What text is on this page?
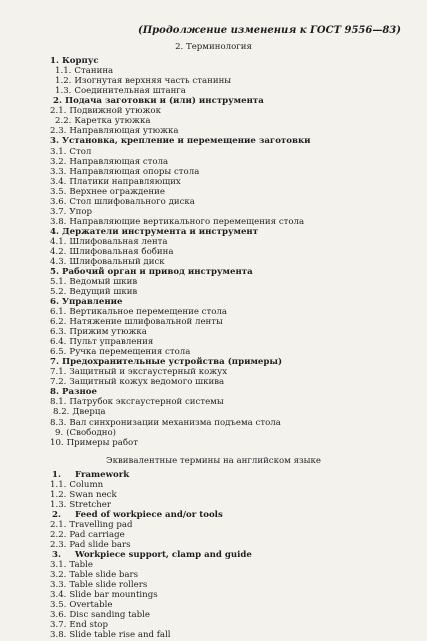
(Продолжение изменения к ГОСТ 9556—83)
2. Терминология
1. Корпус
1.1. Станина
1.2. Изогнутая верхняя часть станины
1.3. Соединительная штанга
2. Подача заготовки и (или) инструмента
2.1. Подвижной утюжок
2.2. Каретка утюжка
2.3. Направляющая утюжка
3. Установка, крепление и перемещение заготовки
3.1. Стол
3.2. Направляющая стола
3.3. Направляющая опоры стола
3.4. Платики направляющих
3.5. Верхнее ограждение
3.6. Стол шлифовального диска
3.7. Упор
3.8. Направляющие вертикального перемещения стола
4. Держатели инструмента и инструмент
4.1. Шлифовальная лента
4.2. Шлифовальная бобина
4.3. Шлифовальный диск
5. Рабочий орган и привод инструмента
5.1. Ведомый шкив
5.2. Ведущий шкив
6. Управление
6.1. Вертикальное перемещение стола
6.2. Натяжение шлифовальной ленты
6.3. Прижим утюжка
6.4. Пульт управления
6.5. Ручка перемещения стола
7. Предохранительные устройства (примеры)
7.1. Защитный и эксгаустерный кожух
7.2. Защитный кожух ведомого шкива
8. Разное
8.1. Патрубок эксгаустерной системы
8.2. Дверца
8.3. Вал синхронизации механизма подъема стола
9. (Свободно)
10. Примеры работ
Эквивалентные термины на английском языке
1. Framework
1.1. Column
1.2. Swan neck
1.3. Stretcher
2. Feed of workpiece and/or tools
2.1. Travelling pad
2.2. Pad carriage
2.3. Pad slide bars
3. Workpiece support, clamp and guide
3.1. Table
3.2. Table slide bars
3.3. Table slide rollers
3.4. Slide bar mountings
3.5. Overtable
3.6. Disc sanding table
3.7. End stop
3.8. Slide table rise and fall
